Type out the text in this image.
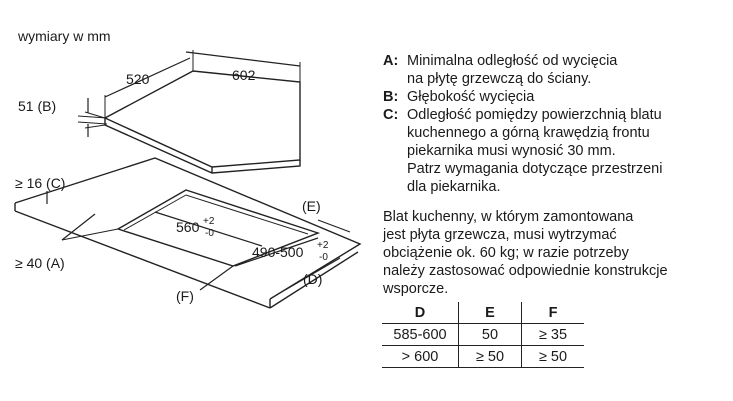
wymiary w mm
520	602
51 (B)
≥ 16 (C)
≥ 40 (A)
(E)
(D)
(F)
560 +2
-0
490-500 +2
-0
A: Minimalna odległość od wycięcia
na płytę grzewczą do ściany.
B: Głębokość wycięcia
C: Odległość pomiędzy powierzchnią blatu
kuchennego a górną krawędzią frontu
piekarnika musi wynosić 30 mm.
Patrz wymagania dotyczące przestrzeni
dla piekarnika.
Blat kuchenny, w którym zamontowana
jest płyta grzewcza, musi wytrzymać
obciążenie ok. 60 kg; w razie potrzeby
należy zastosować odpowiednie konstrukcje
wsporcze.
D	E	F
585-600	50	≥ 35
> 600	≥ 50	≥ 50
